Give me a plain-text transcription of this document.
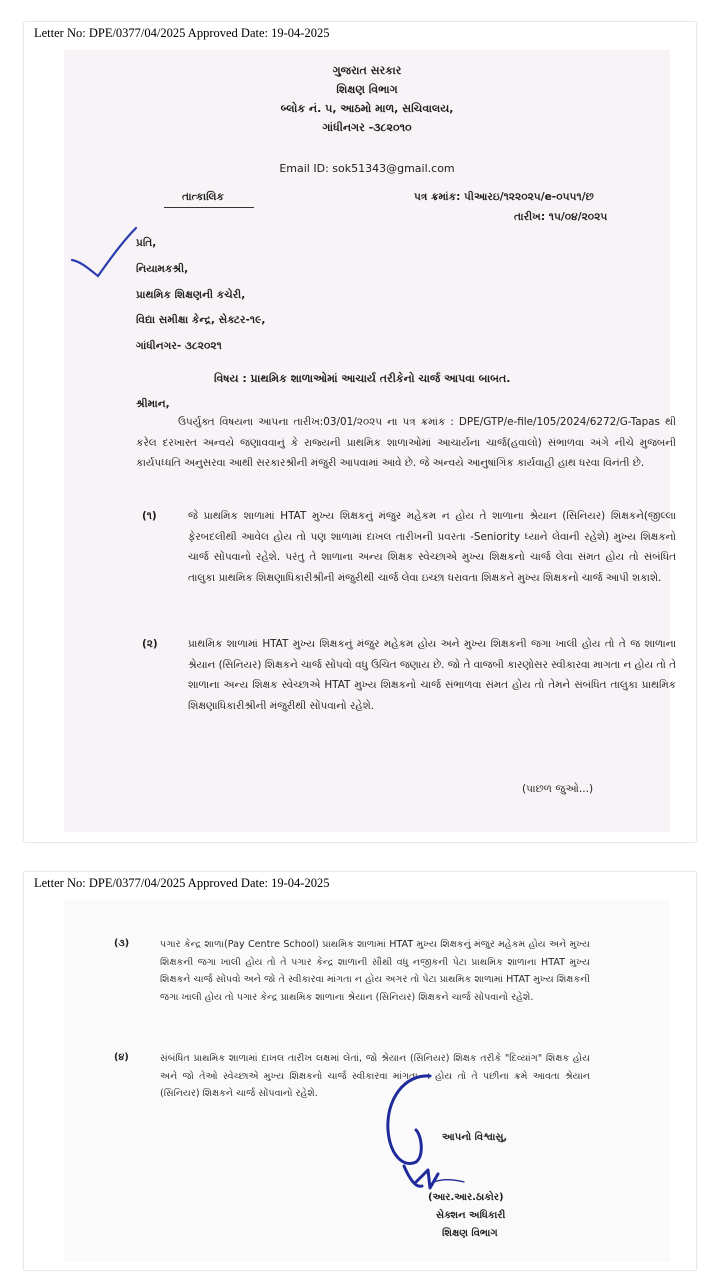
Letter No: DPE/0377/04/2025 Approved Date: 19-04-2025
ગુજરાત સરકાર
શિક્ષણ વિભાગ
બ્લોક નં. ૫, આઠમો માળ, સચિવાલય,
ગાંધીનગર -૩૮૨૦૧૦
Email ID: sok51343@gmail.com
તાત્કાલિક	પત્ર ક્રમાંક: પીઆરઇ/૧૨૨૦૨૫/e-૦૫૫૧/છ
તારીખ: ૧૫/૦૪/૨૦૨૫
પ્રતિ,
નિયામકશ્રી,
પ્રાથમિક શિક્ષણની કચેરી,
વિદ્યા સમીક્ષા કેન્દ્ર, સેક્ટર-૧૯,
ગાંધીનગર- ૩૮૨૦૨૧
વિષય : પ્રાથમિક શાળાઓમાં આચાર્ય તરીકેનો ચાર્જ આપવા બાબત.
શ્રીમાન,
ઉપર્યુક્ત વિષયના આપના તારીખ:03/01/૨૦૨૫ ના પત્ર ક્રમાંક : DPE/GTP/e-file/105/2024/6272/G-Tapas થી કરેલ દરખાસ્ત અન્વયે જણાવવાનું કે રાજ્યની પ્રાથમિક શાળાઓમાં આચાર્યના ચાર્જ(હવાલો) સંભાળવા અંગે નીચે મુજબની કાર્યપધ્ધતિ અનુસરવા આથી સરકારશ્રીની મંજુરી આપવામાં આવે છે. જે અન્વયે આનુષાંગિક કાર્યવાહી હાથ ધરવા વિનંતી છે.
(૧)	જે પ્રાથમિક શાળામાં HTAT મુખ્ય શિક્ષકનું મંજુર મહેકમ ન હોય તે શાળાના શ્રેયાન (સિનિયર) શિક્ષકને(જીલ્લા ફેરબદલીથી આવેલ હોય તો પણ શાળામાં દાખલ તારીખની પ્રવરતા -Seniority ધ્યાને લેવાની રહેશે) મુખ્ય શિક્ષકનો ચાર્જ સોંપવાનો રહેશે. પરંતુ તે શાળાના અન્ય શિક્ષક સ્વેચ્છાએ મુખ્ય શિક્ષકનો ચાર્જ લેવા સંમત હોય તો સંબંધિત તાલુકા પ્રાથમિક શિક્ષણાધિકારીશ્રીની મંજુરીથી ચાર્જ લેવા ઇચ્છા ધરાવતા શિક્ષકને મુખ્ય શિક્ષકનો ચાર્જ આપી શકાશે.
(૨)	પ્રાથમિક શાળામાં HTAT મુખ્ય શિક્ષકનું મંજુર મહેકમ હોય અને મુખ્ય શિક્ષકની જગા ખાલી હોય તો તે જ શાળાના શ્રેયાન (સિનિયર) શિક્ષકને ચાર્જ સોંપવો વધુ ઉચિત જણાય છે. જો તે વાજબી કારણોસર સ્વીકારવા માગતા ન હોય તો તે શાળાના અન્ય શિક્ષક સ્વેચ્છાએ HTAT મુખ્ય શિક્ષકનો ચાર્જ સંભાળવા સંમત હોય તો તેમને સંબંધિત તાલુકા પ્રાથમિક શિક્ષણાધિકારીશ્રીની મંજુરીથી સોંપવાનો રહેશે.
(પાછળ જુઓ...)
Letter No: DPE/0377/04/2025 Approved Date: 19-04-2025
(૩)	પગાર કેન્દ્ર શાળા(Pay Centre School) પ્રાથમિક શાળામાં HTAT મુખ્ય શિક્ષકનું મંજુર મહેકમ હોય અને મુખ્ય શિક્ષકની જગા ખાલી હોય તો તે પગાર કેન્દ્ર શાળાની સૌથી વધુ નજીકની પેટા પ્રાથમિક શાળાના HTAT મુખ્ય શિક્ષકને ચાર્જ સોંપવો અને જો તે સ્વીકારવા માંગતા ન હોય અગર તો પેટા પ્રાથમિક શાળામાં HTAT મુખ્ય શિક્ષકની જગા ખાલી હોય તો પગાર કેન્દ્ર પ્રાથમિક શાળાના શ્રેયાન (સિનિયર) શિક્ષકને ચાર્જ સોંપવાનો રહેશે.
(૪)	સંબંધિત પ્રાથમિક શાળામાં દાખલ તારીખ લક્ષમાં લેતાં, જો શ્રેયાન (સિનિયર) શિક્ષક તરીકે "દિવ્યાંગ" શિક્ષક હોય અને જો તેઓ સ્વેચ્છાએ મુખ્ય શિક્ષકનો ચાર્જ સ્વીકારવા માંગતા ન હોય તો તે પછીના ક્રમે આવતા શ્રેયાન (સિનિયર) શિક્ષકને ચાર્જ સોંપવાનો રહેશે.
આપનો વિશ્વાસુ,
(આર.આર.ઠાકોર)
સેક્શન અધિકારી
શિક્ષણ વિભાગ
